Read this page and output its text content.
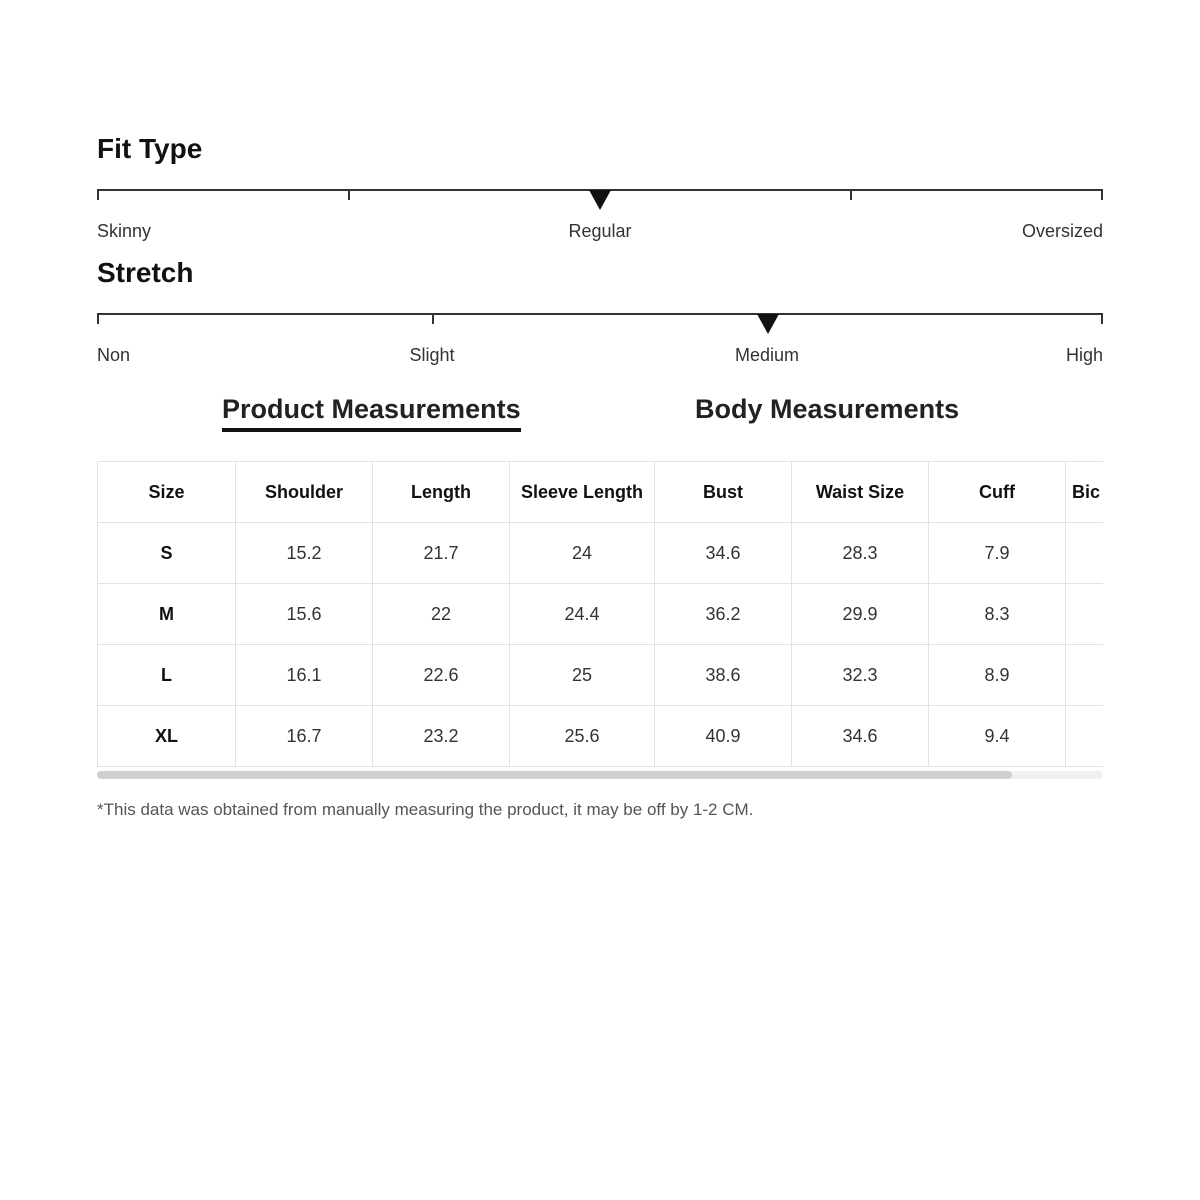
Fit Type
Skinny	Regular	Oversized
Stretch
Non	Slight	Medium	High
Product Measurements	Body Measurements
Size	Shoulder	Length	Sleeve Length	Bust	Waist Size	Cuff	Bic
S	15.2	21.7	24	34.6	28.3	7.9	
M	15.6	22	24.4	36.2	29.9	8.3	
L	16.1	22.6	25	38.6	32.3	8.9	
XL	16.7	23.2	25.6	40.9	34.6	9.4	
*This data was obtained from manually measuring the product, it may be off by 1-2 CM.
